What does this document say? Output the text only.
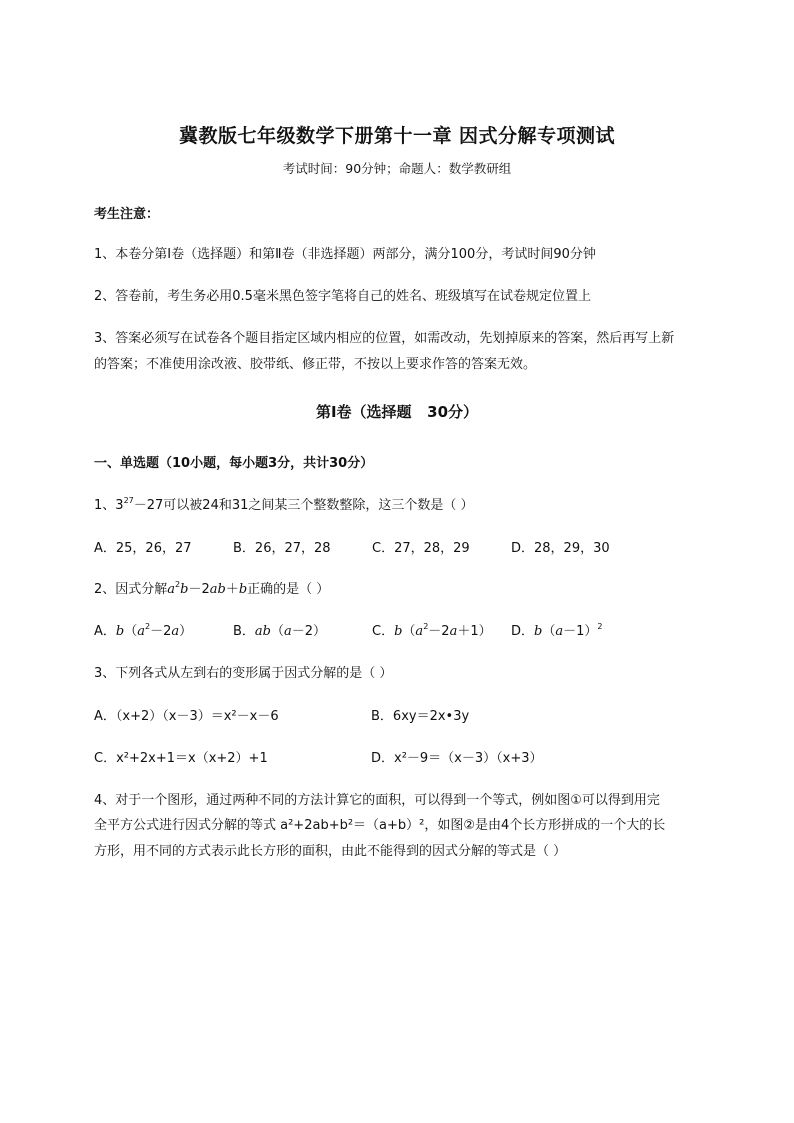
冀教版七年级数学下册第十一章 因式分解专项测试
考试时间：90分钟；命题人：数学教研组
考生注意：
1、本卷分第I卷（选择题）和第Ⅱ卷（非选择题）两部分，满分100分，考试时间90分钟
2、答卷前，考生务必用0.5毫米黑色签字笔将自己的姓名、班级填写在试卷规定位置上
3、答案必须写在试卷各个题目指定区域内相应的位置，如需改动，先划掉原来的答案，然后再写上新
的答案；不准使用涂改液、胶带纸、修正带，不按以上要求作答的答案无效。
第I卷（选择题   30分）
一、单选题（10小题，每小题3分，共计30分）
1、$3^{27}-27$可以被24和31之间某三个整数整除，这三个数是（ ）
A．25，26，27	B．26，27，28	C．27，28，29	D．28，29，30
2、因式分解$a^2b-2ab+b$正确的是（ ）
A．$b(a^2-2a)$	B．ab（a－2）	C．$b(a^2-2a+1)$ D．$b(a-1)^2$
3、下列各式从左到右的变形属于因式分解的是（ ）
A．（x+2）（x－3）＝x²－x－6	B．6xy＝2x•3y
C．x²+2x+1＝x（x+2）+1	D．x²－9＝（x－3）（x+3）
4、对于一个图形，通过两种不同的方法计算它的面积，可以得到一个等式，例如图①可以得到用完
全平方公式进行因式分解的等式 a²+2ab+b²＝（a+b）²，如图②是由4个长方形拼成的一个大的长
方形，用不同的方式表示此长方形的面积，由此不能得到的因式分解的等式是（ ）
